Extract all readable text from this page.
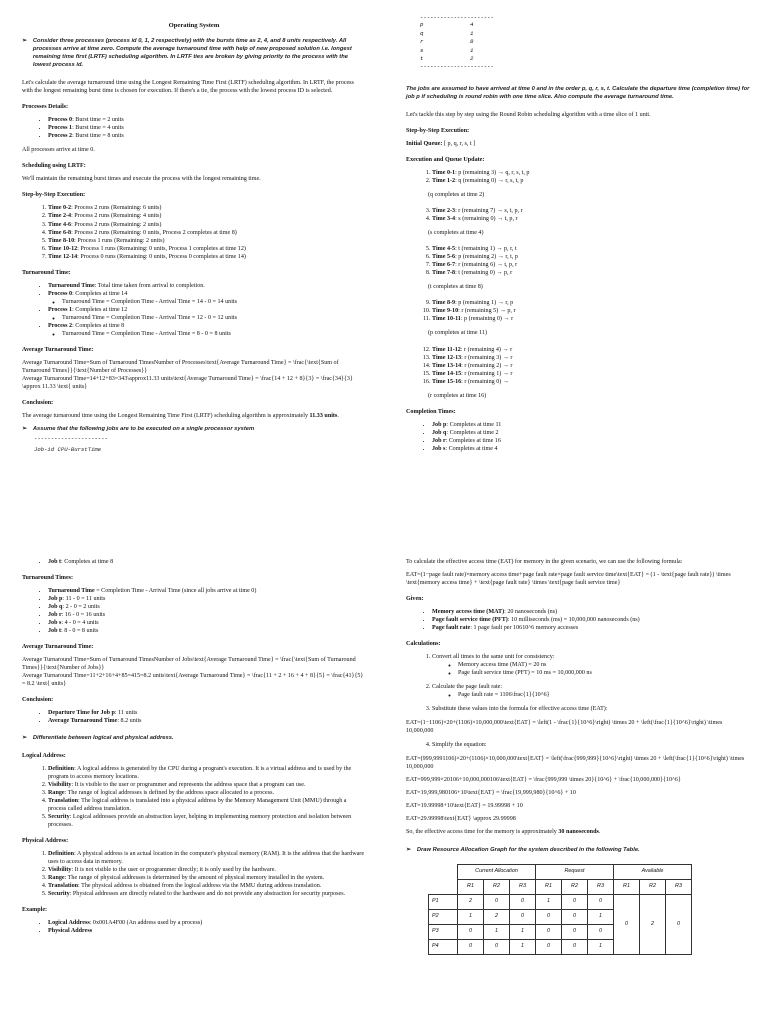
Operating System
➢ Consider three processes (process id 0, 1, 2 respectively) with the bursts time as 2, 4, and 8 units respectively. All processes arrive at time zero. Compute the average turnaround time with help of new proposed solution i.e. longest remaining time first (LRTF) scheduling algorithm. In LRTF ties are broken by giving priority to the process with the lowest process id.

Let's calculate the average turnaround time using the Longest Remaining Time First (LRTF) scheduling algorithm. In LRTF, the process with the longest remaining burst time is chosen for execution. If there's a tie, the process with the lowest process ID is selected.

Processes Details:
• Process 0: Burst time = 2 units
• Process 1: Burst time = 4 units
• Process 2: Burst time = 8 units

All processes arrive at time 0.

Scheduling using LRTF:

We'll maintain the remaining burst times and execute the process with the longest remaining time.

Step-by-Step Execution:
1. Time 0-2: Process 2 runs (Remaining: 6 units)
2. Time 2-4: Process 2 runs (Remaining: 4 units)
3. Time 4-6: Process 2 runs (Remaining: 2 units)
4. Time 6-8: Process 2 runs (Remaining: 0 units, Process 2 completes at time 8)
5. Time 8-10: Process 1 runs (Remaining: 2 units)
6. Time 10-12: Process 1 runs (Remaining: 0 units, Process 1 completes at time 12)
7. Time 12-14: Process 0 runs (Remaining: 0 units, Process 0 completes at time 14)
Turnaround Time:
• Turnaround Time: Total time taken from arrival to completion.
• Process 0: Completes at time 14
◦ Turnaround Time = Completion Time - Arrival Time = 14 - 0 = 14 units
• Process 1: Completes at time 12
◦ Turnaround Time = Completion Time - Arrival Time = 12 - 0 = 12 units
• Process 2: Completes at time 8
◦ Turnaround Time = Completion Time - Arrival Time = 8 - 0 = 8 units
Average Turnaround Time:

Average Turnaround Time=Sum of Turnaround TimesNumber of Processes\text{Average Turnaround Time} = \frac{\text{Sum of Turnaround Times}}{\text{Number of Processes}}
Average Turnaround Time=14+12+83=343\approx11.33 units\text{Average Turnaround Time} = \frac{14 + 12 + 8}{3} = \frac{34}{3} \approx 11.33 \text{ units}

Conclusion:

The average turnaround time using the Longest Remaining Time First (LRTF) scheduling algorithm is approximately 11.33 units.

➢ Assume that the following jobs are to be executed on a single processor system
----------------------
Job-id CPU-BurstTime
----------------------
p	4
q	1
r	8
s	1
t	2
----------------------
The jobs are assumed to have arrived at time 0 and in the order p, q, r, s, t. Calculate the departure time (completion time) for job p if scheduling is round robin with one time slice. Also compute the average turnaround time.

Let's tackle this step by step using the Round Robin scheduling algorithm with a time slice of 1 unit.

Step-by-Step Execution:

Initial Queue: [ p, q, r, s, t ]

Execution and Queue Update:
1. Time 0-1: p (remaining 3) → q, r, s, t, p
2. Time 1-2: q (remaining 0) → r, s, t, p
(q completes at time 2)
3. Time 2-3: r (remaining 7) → s, t, p, r
4. Time 3-4: s (remaining 0) → t, p, r
(s completes at time 4)
5. Time 4-5: t (remaining 1) → p, r, t
6. Time 5-6: p (remaining 2) → r, t, p
7. Time 6-7: r (remaining 6) → t, p, r
8. Time 7-8: t (remaining 0) → p, r
(t completes at time 8)
9. Time 8-9: p (remaining 1) → r, p
10. Time 9-10: r (remaining 5) → p, r
11. Time 10-11: p (remaining 0) → r
(p completes at time 11)
12. Time 11-12: r (remaining 4) → r
13. Time 12-13: r (remaining 3) → r
14. Time 13-14: r (remaining 2) → r
15. Time 14-15: r (remaining 1) → r
16. Time 15-16: r (remaining 0) →
(r completes at time 16)
Completion Times:
• Job p: Completes at time 11
• Job q: Completes at time 2
• Job r: Completes at time 16
• Job s: Completes at time 4
• Job t: Completes at time 8
Turnaround Times:
• Turnaround Time = Completion Time - Arrival Time (since all jobs arrive at time 0)
• Job p: 11 - 0 = 11 units
• Job q: 2 - 0 = 2 units
• Job r: 16 - 0 = 16 units
• Job s: 4 - 0 = 4 units
• Job t: 8 - 0 = 8 units
Average Turnaround Time:

Average Turnaround Time=Sum of Turnaround TimesNumber of Jobs\text{Average Turnaround Time} = \frac{\text{Sum of Turnaround Times}}{\text{Number of Jobs}}
Average Turnaround Time=11+2+16+4+85=415=8.2 units\text{Average Turnaround Time} = \frac{11 + 2 + 16 + 4 + 8}{5} = \frac{41}{5} = 8.2 \text{ units}

Conclusion:
• Departure Time for Job p: 11 units
• Average Turnaround Time: 8.2 units
➢ Differentiate between logical and physical address.
Logical Address:
1. Definition: A logical address is generated by the CPU during a program's execution. It is a virtual address and is used by the program to access memory locations.
2. Visibility: It is visible to the user or programmer and represents the address space that a program can use.
3. Range: The range of logical addresses is defined by the address space allocated to a process.
4. Translation: The logical address is translated into a physical address by the Memory Management Unit (MMU) through a process called address translation.
5. Security: Logical addresses provide an abstraction layer, helping in implementing memory protection and isolation between processes.
Physical Address:
1. Definition: A physical address is an actual location in the computer's physical memory (RAM). It is the address that the hardware uses to access data in memory.
2. Visibility: It is not visible to the user or programmer directly; it is only used by the hardware.
3. Range: The range of physical addresses is determined by the amount of physical memory installed in the system.
4. Translation: The physical address is obtained from the logical address via the MMU during address translation.
5. Security: Physical addresses are directly related to the hardware and do not provide any abstraction for security purposes.
Example:
• Logical Address: 0x001A4F00 (An address used by a process)
• Physical Address

To calculate the effective access time (EAT) for memory in the given scenario, we can use the following formula:

EAT=(1−page fault rate)×memory access time+page fault rate×page fault service time\text{EAT} = (1 - \text{page fault rate}) \times \text{memory access time} + \text{page fault rate} \times \text{page fault service time}

Given:
• Memory access time (MAT): 20 nanoseconds (ns)
• Page fault service time (PFT): 10 milliseconds (ms) = 10,000,000 nanoseconds (ns)
• Page fault rate: 1 page fault per 10610^6 memory accesses
Calculations:
1. Convert all times to the same unit for consistency:
◦ Memory access time (MAT) = 20 ns
◦ Page fault service time (PFT) = 10 ms = 10,000,000 ns
2. Calculate the page fault rate:
◦ Page fault rate = 1106\frac{1}{10^6}
3. Substitute these values into the formula for effective access time (EAT):

EAT=(1−1106)×20+(1106)×10,000,000\text{EAT} = \left(1 - \frac{1}{10^6}\right) \times 20 + \left(\frac{1}{10^6}\right) \times 10,000,000

4. Simplify the equation:

EAT=(999,9991106)×20+(1106)×10,000,000\text{EAT} = \left(\frac{999,999}{10^6}\right) \times 20 + \left(\frac{1}{10^6}\right) \times 10,000,000

EAT=999,999×20106+10,000,000106\text{EAT} = \frac{999,999 \times 20}{10^6} + \frac{10,000,000}{10^6}

EAT=19,999,980106+10\text{EAT} = \frac{19,999,980}{10^6} + 10

EAT=19.99998+10\text{EAT} = 19.99998 + 10

EAT=29.99998\text{EAT} \approx 29.99998

So, the effective access time for the memory is approximately 30 nanoseconds.

➢ Draw Resource Allocation Graph for the system described in the following Table.
	Current Allocation			Request			Available		
	R1	R2	R3	R1	R2	R3	R1	R2	R3
P1	2	0	0	1	0	0	0	2	0
P2	1	2	0	0	0	1			
P3	0	1	1	0	0	0			
P4	0	0	1	0	0	1			
